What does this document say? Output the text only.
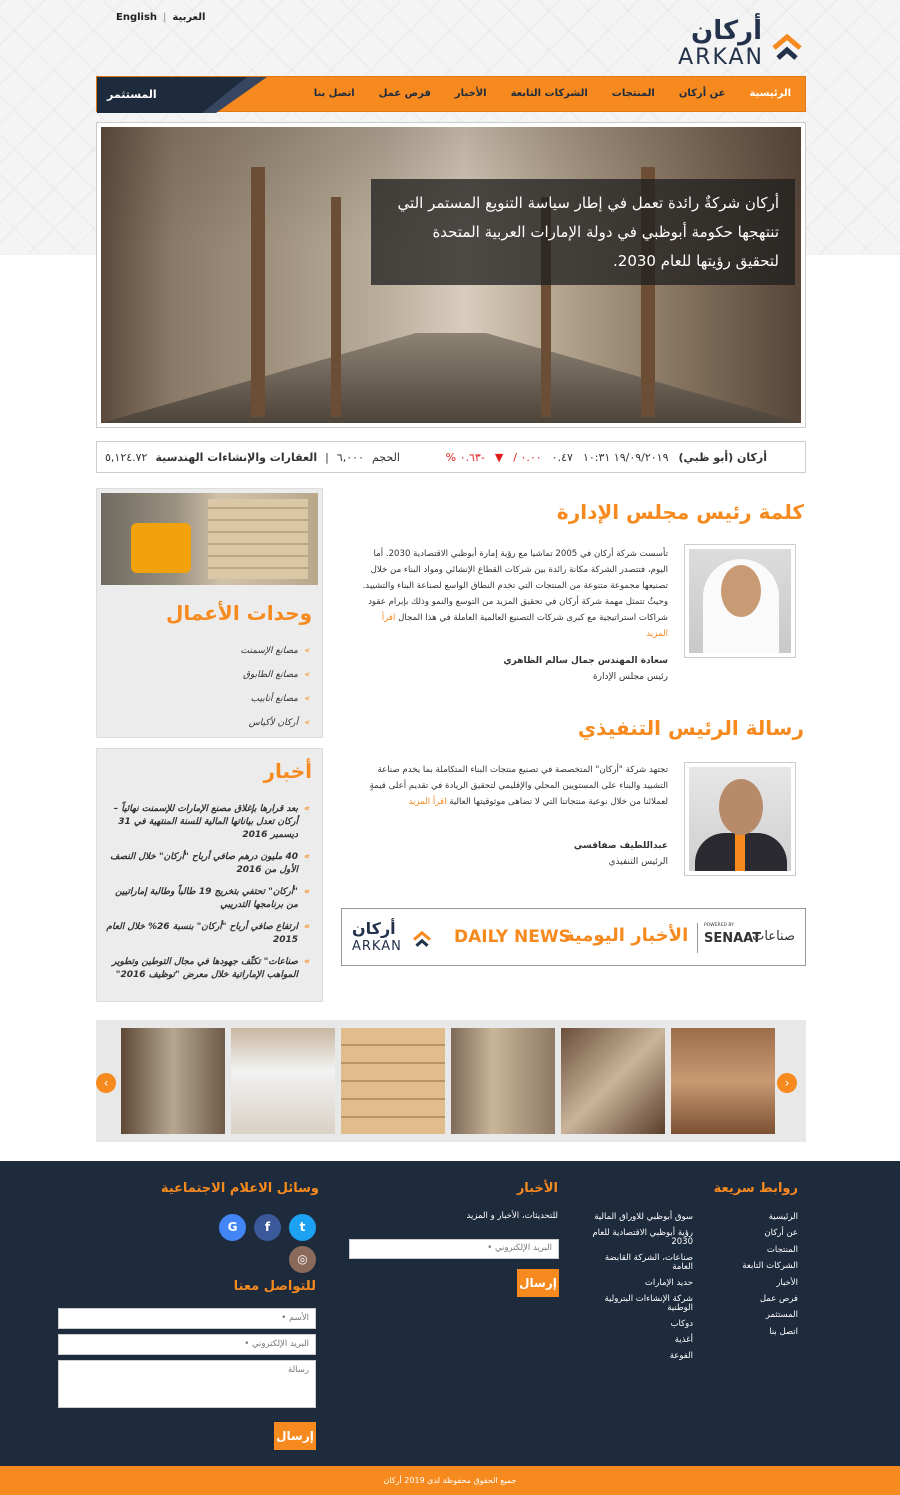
English | العربية	أركان
ARKAN
المستثمر	الرئيسية
عن أركان
المنتجات
الشركات التابعة
الأخبار
فرص عمل
اتصل بنا
أركان شركةٌ رائدة تعمل في إطار سياسة التنويع المستمر التي تنتهجها حكومة أبوظبي في دولة الإمارات العربية المتحدة لتحقيق رؤيتها للعام 2030.
أركان (أبو ظبي)
١٩/٠٩/٢٠١٩ ١٠:٣١
٠.٤٧
٠.٠٠ /
▼
-٠.٦٣ %
الحجم
٦,٠٠٠
|
العقارات والإنشاءات الهندسية
٥,١٢٤.٧٢
وحدات الأعمال
» مصانع الإسمنت
» مصانع الطابوق
» مصانع أنابيب
» أركان لأكياس
أخبار
» بعد قرارها بإغلاق مصنع الإمارات للإسمنت نهائياً – أركان تعدل بياناتها المالية للسنة المنتهية في 31 ديسمبر 2016
» 40 مليون درهم صافي أرباح "أركان" خلال النصف الأول من 2016
» "أركان" تحتفي بتخريج 19 طالباً وطالبة إماراتيين من برنامجها التدريبي
» ارتفاع صافي أرباح "أركان" بنسبة 26% خلال العام 2015
» صناعات" تكثّف جهودها في مجال التوطين وتطوير المواهب الإماراتية خلال معرض "توظيف 2016"
كلمة رئيس مجلس الإدارة
تأسست شركة أركان في 2005 تماشيا مع رؤية إمارة أبوظبي الاقتصادية 2030. أما اليوم، فتتصدر الشركة مكانة رائدة بين شركات القطاع الإنشائي ومواد البناء من خلال تصنيعها مجموعة متنوعة من المنتجات التي تخدم النطاق الواسع لصناعة البناء والتشييد. وحيثُ تتمثل مهمة شركة أركان في تحقيق المزيد من التوسع والنمو وذلك بإبرام عقود شراكات استراتيجية مع كبرى شركات التصنيع العالمية العاملة في هذا المجال اقرأ المزيد
سعادة المهندس جمال سالم الظاهري
رئيس مجلس الإدارة
رسالة الرئيس التنفيذي
تجتهد شركة "أركان" المتخصصة في تصنيع منتجات البناء المتكاملة بما يخدم صناعة التشييد والبناء على المستويين المحلي والإقليمي لتحقيق الريادة في تقديم أعلى قيمةٍ لعملائنا من خلال نوعية منتجاتنا التي لا تضاهى موثوقيتها العالية اقرأ المزيد
عبداللطيف صفاقسي
الرئيس التنفيذي
أركان
ARKAN	DAILY NEWS
الأخبار اليومية	POWERED BY
SENAAT
صناعات
‹	›
روابط سريعة
الرئيسية
عن أركان
المنتجات
الشركات التابعة
الأخبار
فرص عمل
المستثمر
اتصل بنا
سوق أبوظبي للاوراق المالية
رؤية أبوظبي الاقتصادية للعام 2030
صناعات، الشركة القابضة العامة
حديد الإمارات
شركة الإنشاءات البترولية الوطنية
دوكاب
أغذية
الفوعة
الأخبار
للتحديثات، الأخبار و المزيد
البريد الإلكتروني •
إرسال
وسائل الاعلام الاجتماعية
G	f	t
◎
للتواصل معنا
الأسم •
البريد الإلكتروني •
رسالة
إرسال
جميع الحقوق محفوظة لدى 2019 أركان
